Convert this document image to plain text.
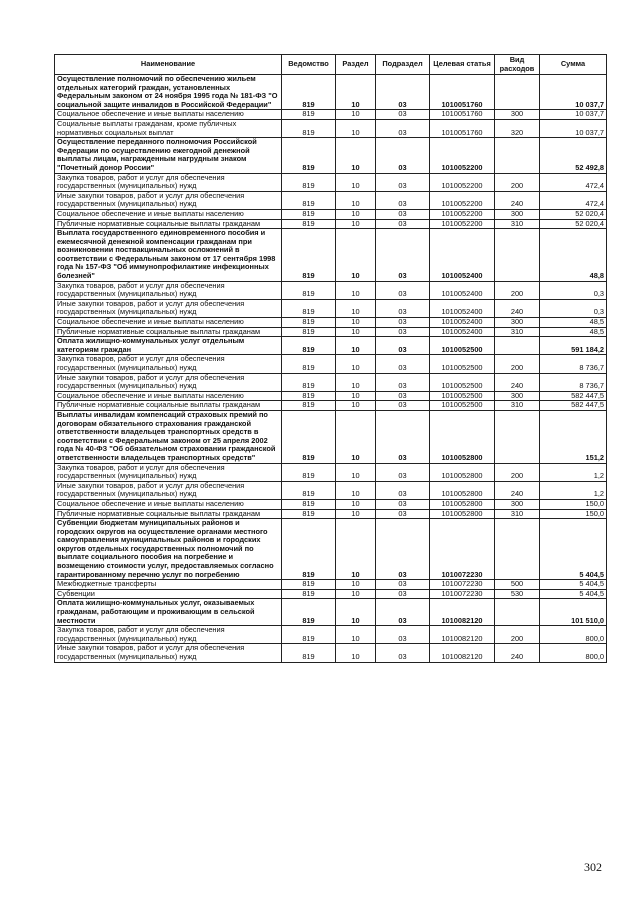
Наименование	Ведомство	Раздел	Подраздел	Целевая статья	Вид расходов	Сумма
Осуществление полномочий по обеспечению жильем отдельных категорий граждан, установленных Федеральным законом от 24 ноября 1995 года № 181-ФЗ "О социальной защите инвалидов в Российской Федерации"	819	10	03	1010051760		10 037,7
Социальное обеспечение и иные выплаты населению	819	10	03	1010051760	300	10 037,7
Социальные выплаты гражданам, кроме публичных нормативных социальных выплат	819	10	03	1010051760	320	10 037,7
Осуществление переданного полномочия Российской Федерации по осуществлению ежегодной денежной выплаты лицам, награжденным нагрудным знаком "Почетный донор России"	819	10	03	1010052200		52 492,8
Закупка товаров, работ и услуг для обеспечения государственных (муниципальных) нужд	819	10	03	1010052200	200	472,4
Иные закупки товаров, работ и услуг для обеспечения государственных (муниципальных) нужд	819	10	03	1010052200	240	472,4
Социальное обеспечение и иные выплаты населению	819	10	03	1010052200	300	52 020,4
Публичные нормативные социальные выплаты гражданам	819	10	03	1010052200	310	52 020,4
Выплата государственного единовременного пособия и ежемесячной денежной компенсации гражданам при возникновении поствакцинальных осложнений в соответствии с Федеральным законом от 17 сентября 1998 года № 157-ФЗ "Об иммунопрофилактике инфекционных болезней"	819	10	03	1010052400		48,8
Закупка товаров, работ и услуг для обеспечения государственных (муниципальных) нужд	819	10	03	1010052400	200	0,3
Иные закупки товаров, работ и услуг для обеспечения государственных (муниципальных) нужд	819	10	03	1010052400	240	0,3
Социальное обеспечение и иные выплаты населению	819	10	03	1010052400	300	48,5
Публичные нормативные социальные выплаты гражданам	819	10	03	1010052400	310	48,5
Оплата жилищно-коммунальных услуг отдельным категориям граждан	819	10	03	1010052500		591 184,2
Закупка товаров, работ и услуг для обеспечения государственных (муниципальных) нужд	819	10	03	1010052500	200	8 736,7
Иные закупки товаров, работ и услуг для обеспечения государственных (муниципальных) нужд	819	10	03	1010052500	240	8 736,7
Социальное обеспечение и иные выплаты населению	819	10	03	1010052500	300	582 447,5
Публичные нормативные социальные выплаты гражданам	819	10	03	1010052500	310	582 447,5
Выплаты инвалидам компенсаций страховых премий по договорам обязательного страхования гражданской ответственности владельцев транспортных средств в соответствии с Федеральным законом от 25 апреля 2002 года № 40-ФЗ "Об обязательном страховании гражданской ответственности владельцев транспортных средств"	819	10	03	1010052800		151,2
Закупка товаров, работ и услуг для обеспечения государственных (муниципальных) нужд	819	10	03	1010052800	200	1,2
Иные закупки товаров, работ и услуг для обеспечения государственных (муниципальных) нужд	819	10	03	1010052800	240	1,2
Социальное обеспечение и иные выплаты населению	819	10	03	1010052800	300	150,0
Публичные нормативные социальные выплаты гражданам	819	10	03	1010052800	310	150,0
Субвенции бюджетам муниципальных районов и городских округов на осуществление органами местного самоуправления муниципальных районов и городских округов отдельных государственных полномочий по выплате социального пособия на погребение и возмещению стоимости услуг, предоставляемых согласно гарантированному перечню услуг по погребению	819	10	03	1010072230		5 404,5
Межбюджетные трансферты	819	10	03	1010072230	500	5 404,5
Субвенции	819	10	03	1010072230	530	5 404,5
Оплата жилищно-коммунальных услуг, оказываемых гражданам, работающим и проживающим в сельской местности	819	10	03	1010082120		101 510,0
Закупка товаров, работ и услуг для обеспечения государственных (муниципальных) нужд	819	10	03	1010082120	200	800,0
Иные закупки товаров, работ и услуг для обеспечения государственных (муниципальных) нужд	819	10	03	1010082120	240	800,0
302
